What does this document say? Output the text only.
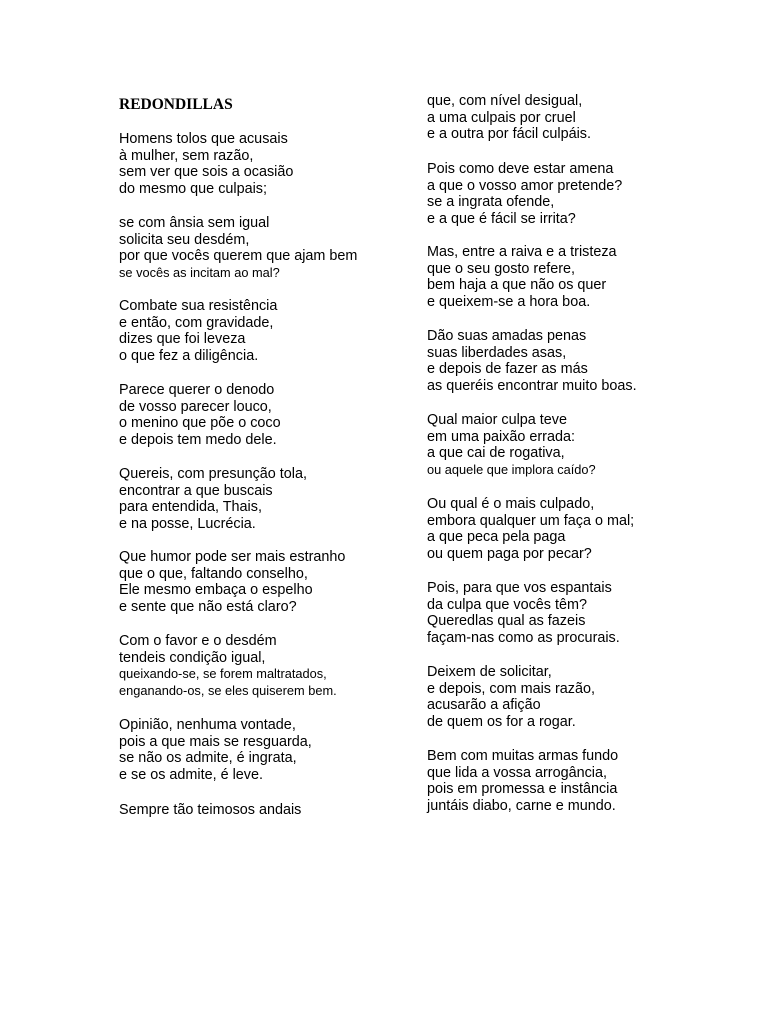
REDONDILLAS
Homens tolos que acusais
à mulher, sem razão,
sem ver que sois a ocasião
do mesmo que culpais;
se com ânsia sem igual
solicita seu desdém,
por que vocês querem que ajam bem
se vocês as incitam ao mal?
Combate sua resistência
e então, com gravidade,
dizes que foi leveza
o que fez a diligência.
Parece querer o denodo
de vosso parecer louco,
o menino que põe o coco
e depois tem medo dele.
Quereis, com presunção tola,
encontrar a que buscais
para entendida, Thais,
e na posse, Lucrécia.
Que humor pode ser mais estranho
que o que, faltando conselho,
Ele mesmo embaça o espelho
e sente que não está claro?
Com o favor e o desdém
tendeis condição igual,
queixando-se, se forem maltratados,
enganando-os, se eles quiserem bem.
Opinião, nenhuma vontade,
pois a que mais se resguarda,
se não os admite, é ingrata,
e se os admite, é leve.
Sempre tão teimosos andais
que, com nível desigual,
a uma culpais por cruel
e a outra por fácil culpáis.
Pois como deve estar amena
a que o vosso amor pretende?
se a ingrata ofende,
e a que é fácil se irrita?
Mas, entre a raiva e a tristeza
que o seu gosto refere,
bem haja a que não os quer
e queixem-se a hora boa.
Dão suas amadas penas
suas liberdades asas,
e depois de fazer as más
as queréis encontrar muito boas.
Qual maior culpa teve
em uma paixão errada:
a que cai de rogativa,
ou aquele que implora caído?
Ou qual é o mais culpado,
embora qualquer um faça o mal;
a que peca pela paga
ou quem paga por pecar?
Pois, para que vos espantais
da culpa que vocês têm?
Queredlas qual as fazeis
façam-nas como as procurais.
Deixem de solicitar,
e depois, com mais razão,
acusarão a afição
de quem os for a rogar.
Bem com muitas armas fundo
que lida a vossa arrogância,
pois em promessa e instância
juntáis diabo, carne e mundo.
